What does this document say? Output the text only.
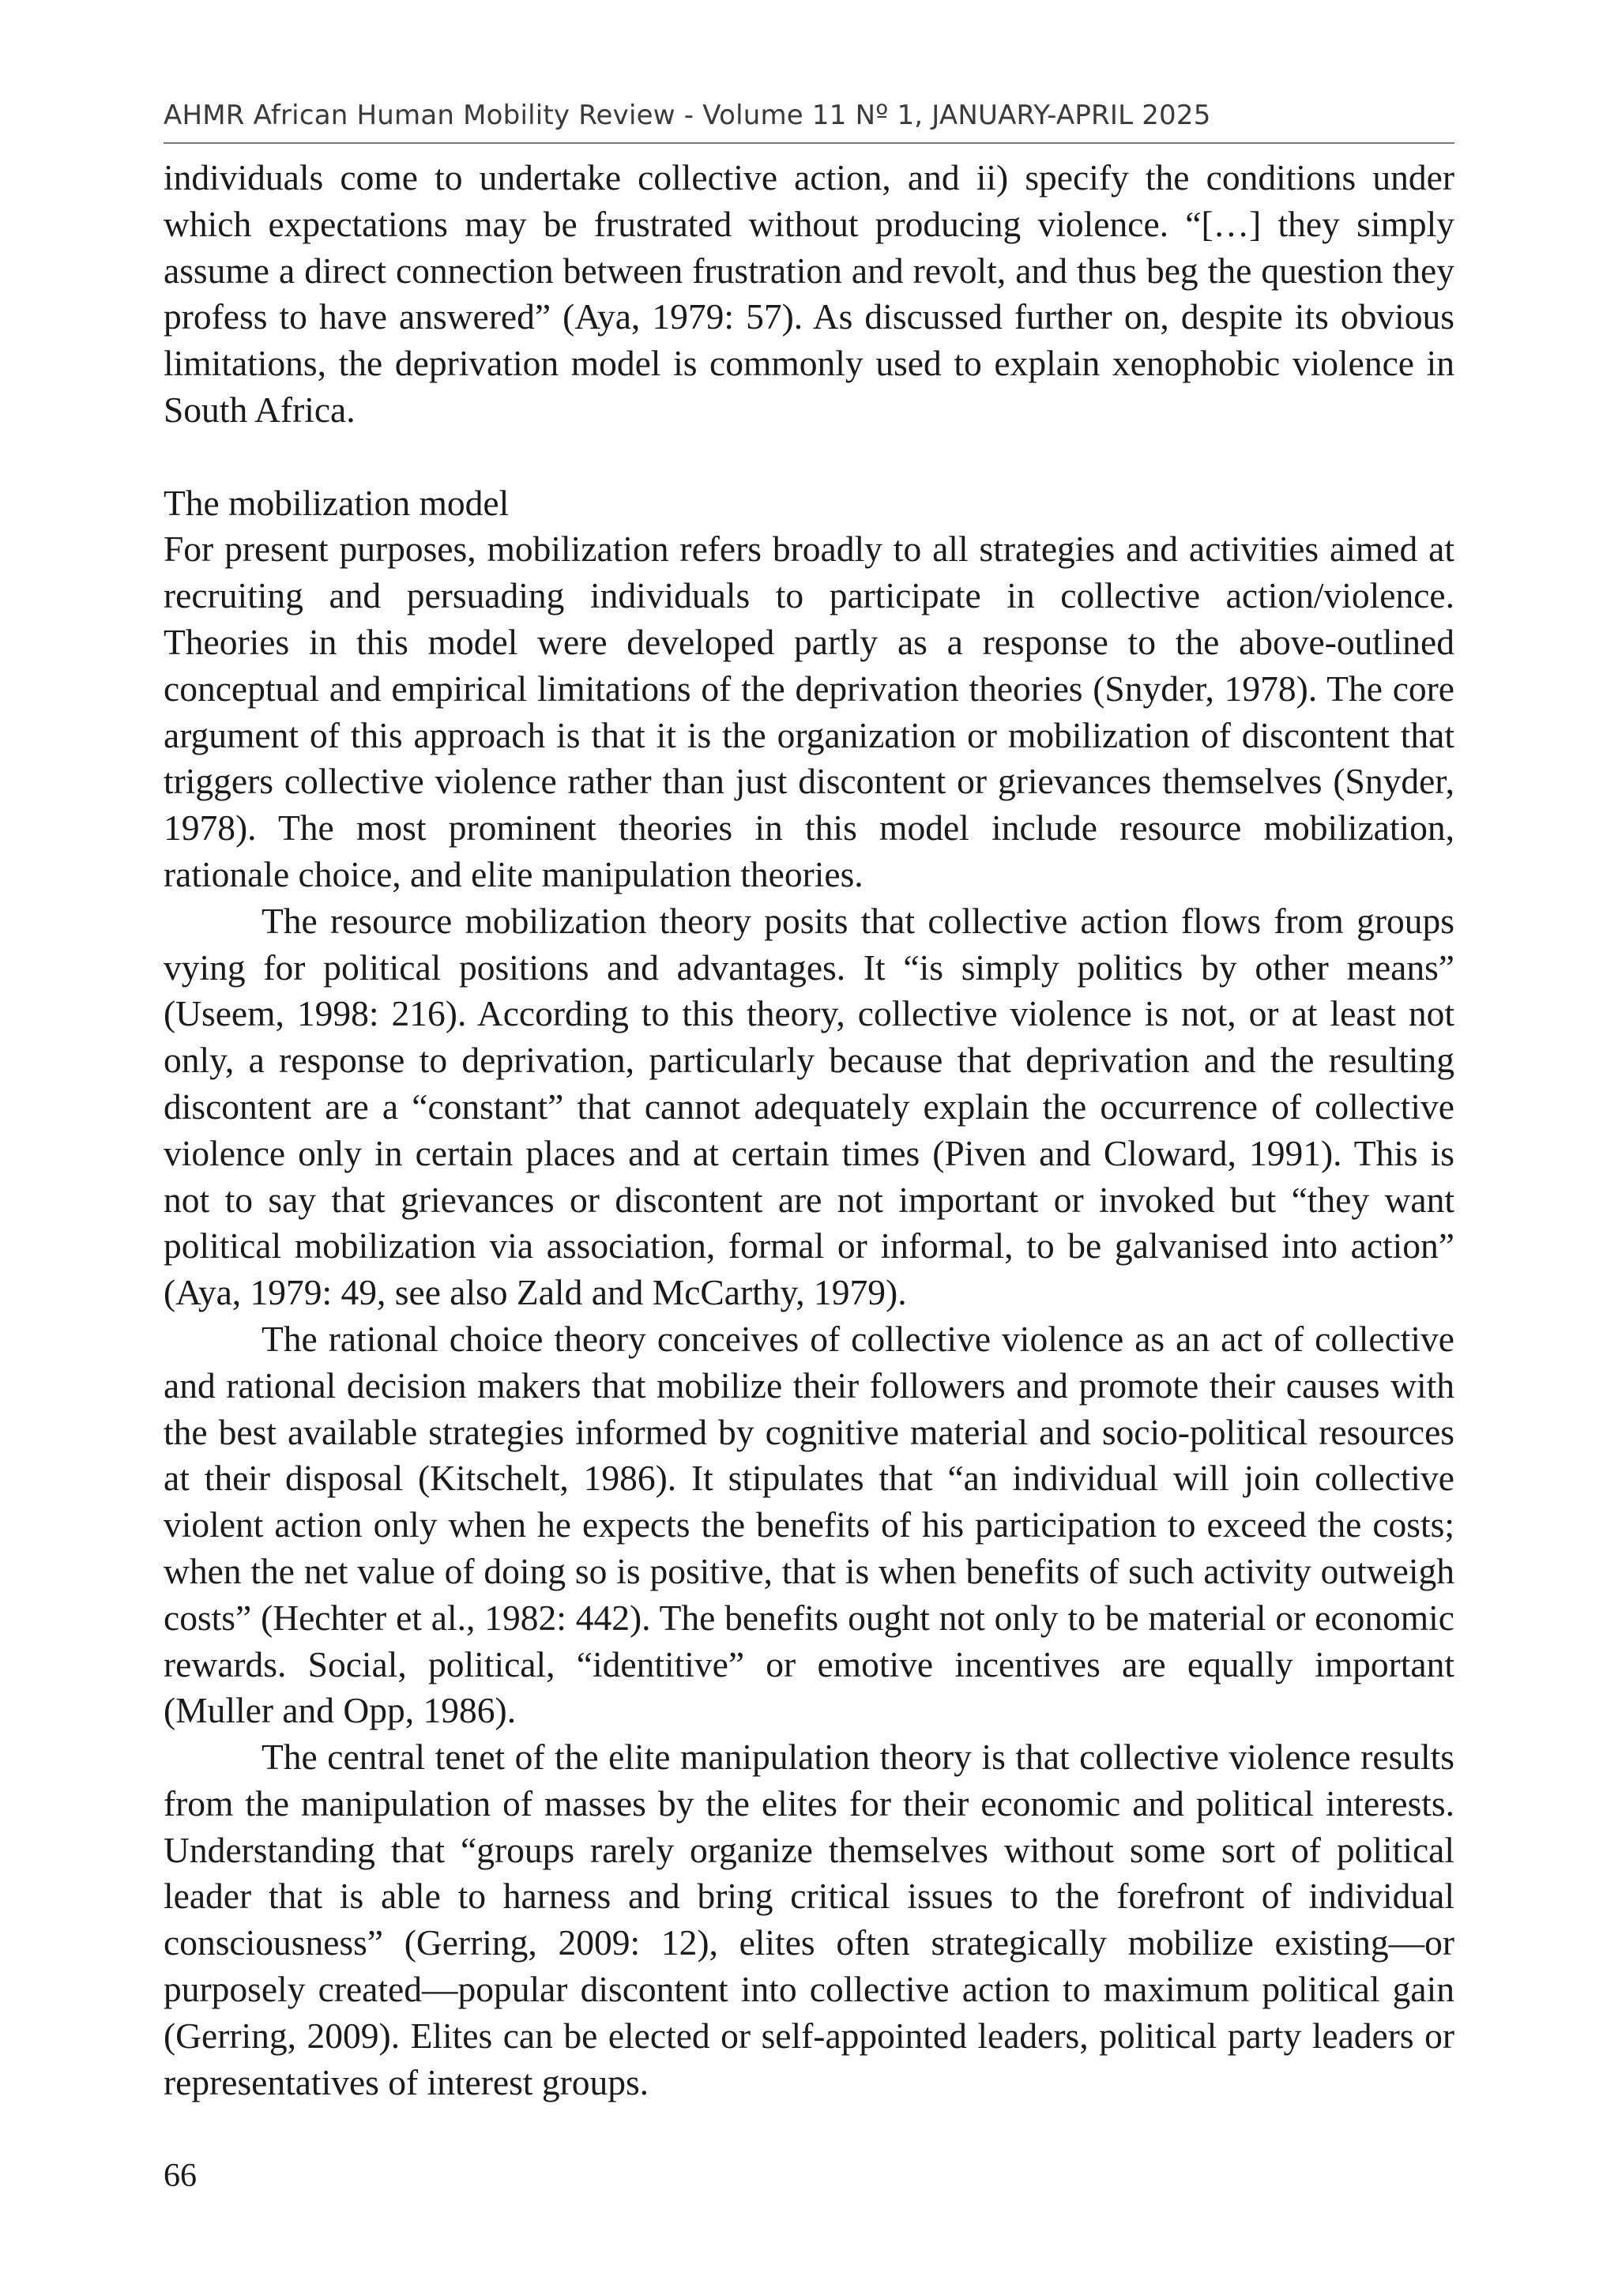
AHMR African Human Mobility Review - Volume 11 Nº 1, JANUARY-APRIL 2025

individuals come to undertake collective action, and ii) specify the conditions under which expectations may be frustrated without producing violence. “[…] they simply assume a direct connection between frustration and revolt, and thus beg the question they profess to have answered” (Aya, 1979: 57). As discussed further on, despite its obvious limitations, the deprivation model is commonly used to explain xenophobic violence in South Africa.

The mobilization model

For present purposes, mobilization refers broadly to all strategies and activities aimed at recruiting and persuading individuals to participate in collective action/violence. Theories in this model were developed partly as a response to the above-outlined conceptual and empirical limitations of the deprivation theories (Snyder, 1978). The core argument of this approach is that it is the organization or mobilization of discontent that triggers collective violence rather than just discontent or grievances themselves (Snyder, 1978). The most prominent theories in this model include resource mobilization, rationale choice, and elite manipulation theories.

The resource mobilization theory posits that collective action flows from groups vying for political positions and advantages. It “is simply politics by other means” (Useem, 1998: 216). According to this theory, collective violence is not, or at least not only, a response to deprivation, particularly because that deprivation and the resulting discontent are a “constant” that cannot adequately explain the occurrence of collective violence only in certain places and at certain times (Piven and Cloward, 1991). This is not to say that grievances or discontent are not important or invoked but “they want political mobilization via association, formal or informal, to be galvanised into action” (Aya, 1979: 49, see also Zald and McCarthy, 1979).

The rational choice theory conceives of collective violence as an act of collective and rational decision makers that mobilize their followers and promote their causes with the best available strategies informed by cognitive material and socio-political resources at their disposal (Kitschelt, 1986). It stipulates that “an individual will join collective violent action only when he expects the benefits of his participation to exceed the costs; when the net value of doing so is positive, that is when benefits of such activity outweigh costs” (Hechter et al., 1982: 442). The benefits ought not only to be material or economic rewards. Social, political, “identitive” or emotive incentives are equally important (Muller and Opp, 1986).

The central tenet of the elite manipulation theory is that collective violence results from the manipulation of masses by the elites for their economic and political interests. Understanding that “groups rarely organize themselves without some sort of political leader that is able to harness and bring critical issues to the forefront of individual consciousness” (Gerring, 2009: 12), elites often strategically mobilize existing—or purposely created—popular discontent into collective action to maximum political gain (Gerring, 2009). Elites can be elected or self-appointed leaders, political party leaders or representatives of interest groups.

66
